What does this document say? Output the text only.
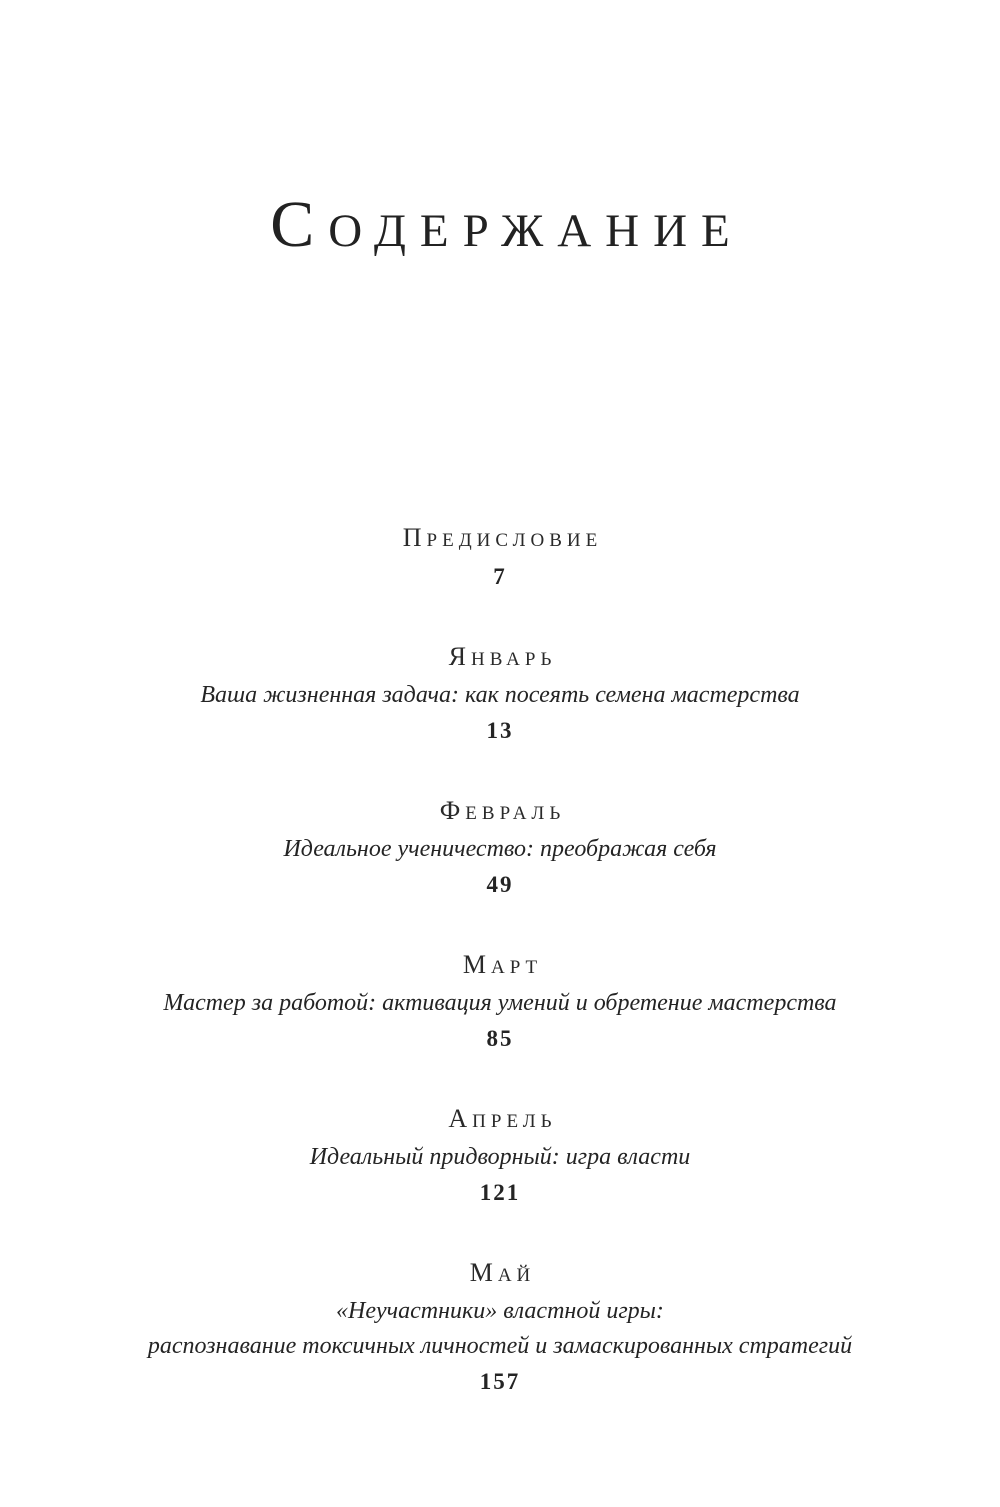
СОДЕРЖАНИЕ
ПРЕДИСЛОВИЕ
7
ЯНВАРЬ
Ваша жизненная задача: как посеять семена мастерства
13
ФЕВРАЛЬ
Идеальное ученичество: преображая себя
49
МАРТ
Мастер за работой: активация умений и обретение мастерства
85
АПРЕЛЬ
Идеальный придворный: игра власти
121
МАЙ
«Неучастники» властной игры:
распознавание токсичных личностей и замаскированных стратегий
157
